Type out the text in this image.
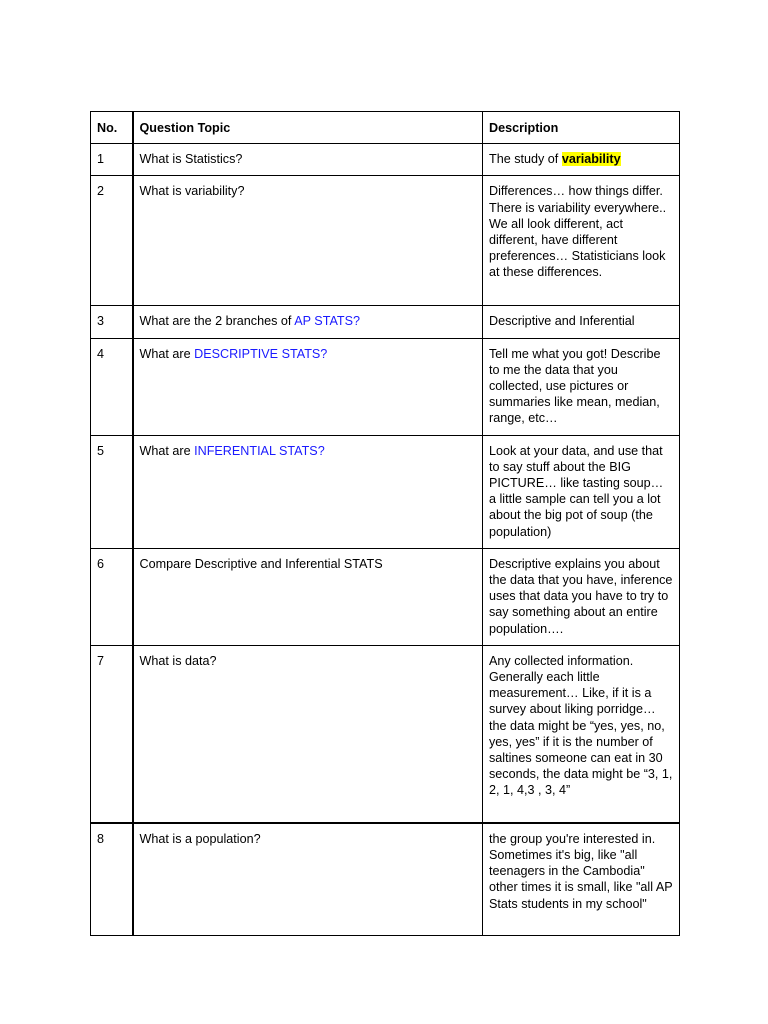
No.	Question Topic	Description
1	What is Statistics?	The study of variability
2	What is variability?	Differences… how things differ. There is variability everywhere.. We all look different, act different, have different preferences… Statisticians look at these differences.
3	What are the 2 branches of AP STATS?	Descriptive and Inferential
4	What are DESCRIPTIVE STATS?	Tell me what you got! Describe to me the data that you collected, use pictures or summaries like mean, median, range, etc…
5	What are INFERENTIAL STATS?	Look at your data, and use that to say stuff about the BIG PICTURE… like tasting soup… a little sample can tell you a lot about the big pot of soup (the population)
6	Compare Descriptive and Inferential STATS	Descriptive explains you about the data that you have, inference uses that data you have to try to say something about an entire population….
7	What is data?	Any collected information. Generally each little measurement… Like, if it is a survey about liking porridge… the data might be “yes, yes, no, yes, yes” if it is the number of saltines someone can eat in 30 seconds, the data might be “3, 1, 2, 1, 4,3 , 3, 4”
8	What is a population?	the group you're interested in. Sometimes it's big, like "all teenagers in the Cambodia" other times it is small, like "all AP Stats students in my school"
